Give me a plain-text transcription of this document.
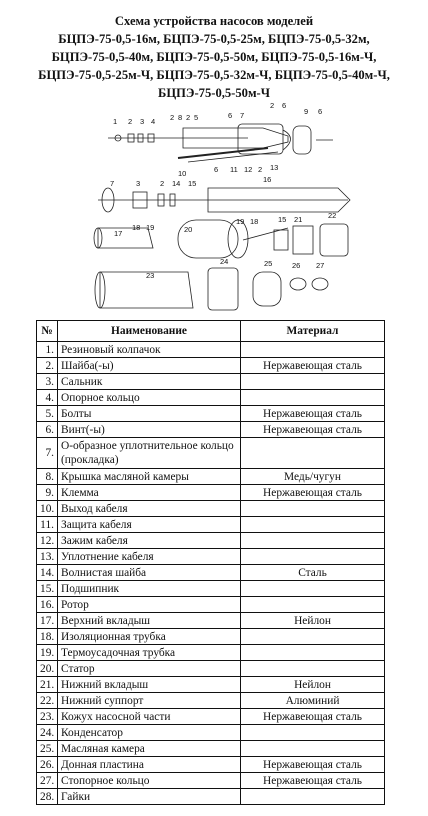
Схема устройства насосов моделей
БЦПЭ-75-0,5-16м, БЦПЭ-75-0,5-25м, БЦПЭ-75-0,5-32м,
БЦПЭ-75-0,5-40м, БЦПЭ-75-0,5-50м, БЦПЭ-75-0,5-16м-Ч,
БЦПЭ-75-0,5-25м-Ч, БЦПЭ-75-0,5-32м-Ч, БЦПЭ-75-0,5-40м-Ч,
БЦПЭ-75-0,5-50м-Ч
1 2 3 4 2 8 2 5	6 7
2 6
9 6
10	6 11 12 2 13
7	3	2 14 15	16
17
18 19	20
19 18	15 21	22
23
24	25	26 27
№	Наименование	Материал
1.	Резиновый колпачок	
2.	Шайба(-ы)	Нержавеющая сталь
3.	Сальник	
4.	Опорное кольцо	
5.	Болты	Нержавеющая сталь
6.	Винт(-ы)	Нержавеющая сталь
7.	О-образное уплотнительное кольцо (прокладка)	
8.	Крышка масляной камеры	Медь/чугун
9.	Клемма	Нержавеющая сталь
10.	Выход кабеля	
11.	Защита кабеля	
12.	Зажим кабеля	
13.	Уплотнение кабеля	
14.	Волнистая шайба	Сталь
15.	Подшипник	
16.	Ротор	
17.	Верхний вкладыш	Нейлон
18.	Изоляционная трубка	
19.	Термоусадочная трубка	
20.	Статор	
21.	Нижний вкладыш	Нейлон
22.	Нижний суппорт	Алюминий
23.	Кожух насосной части	Нержавеющая сталь
24.	Конденсатор	
25.	Масляная камера	
26.	Донная пластина	Нержавеющая сталь
27.	Стопорное кольцо	Нержавеющая сталь
28.	Гайки	
